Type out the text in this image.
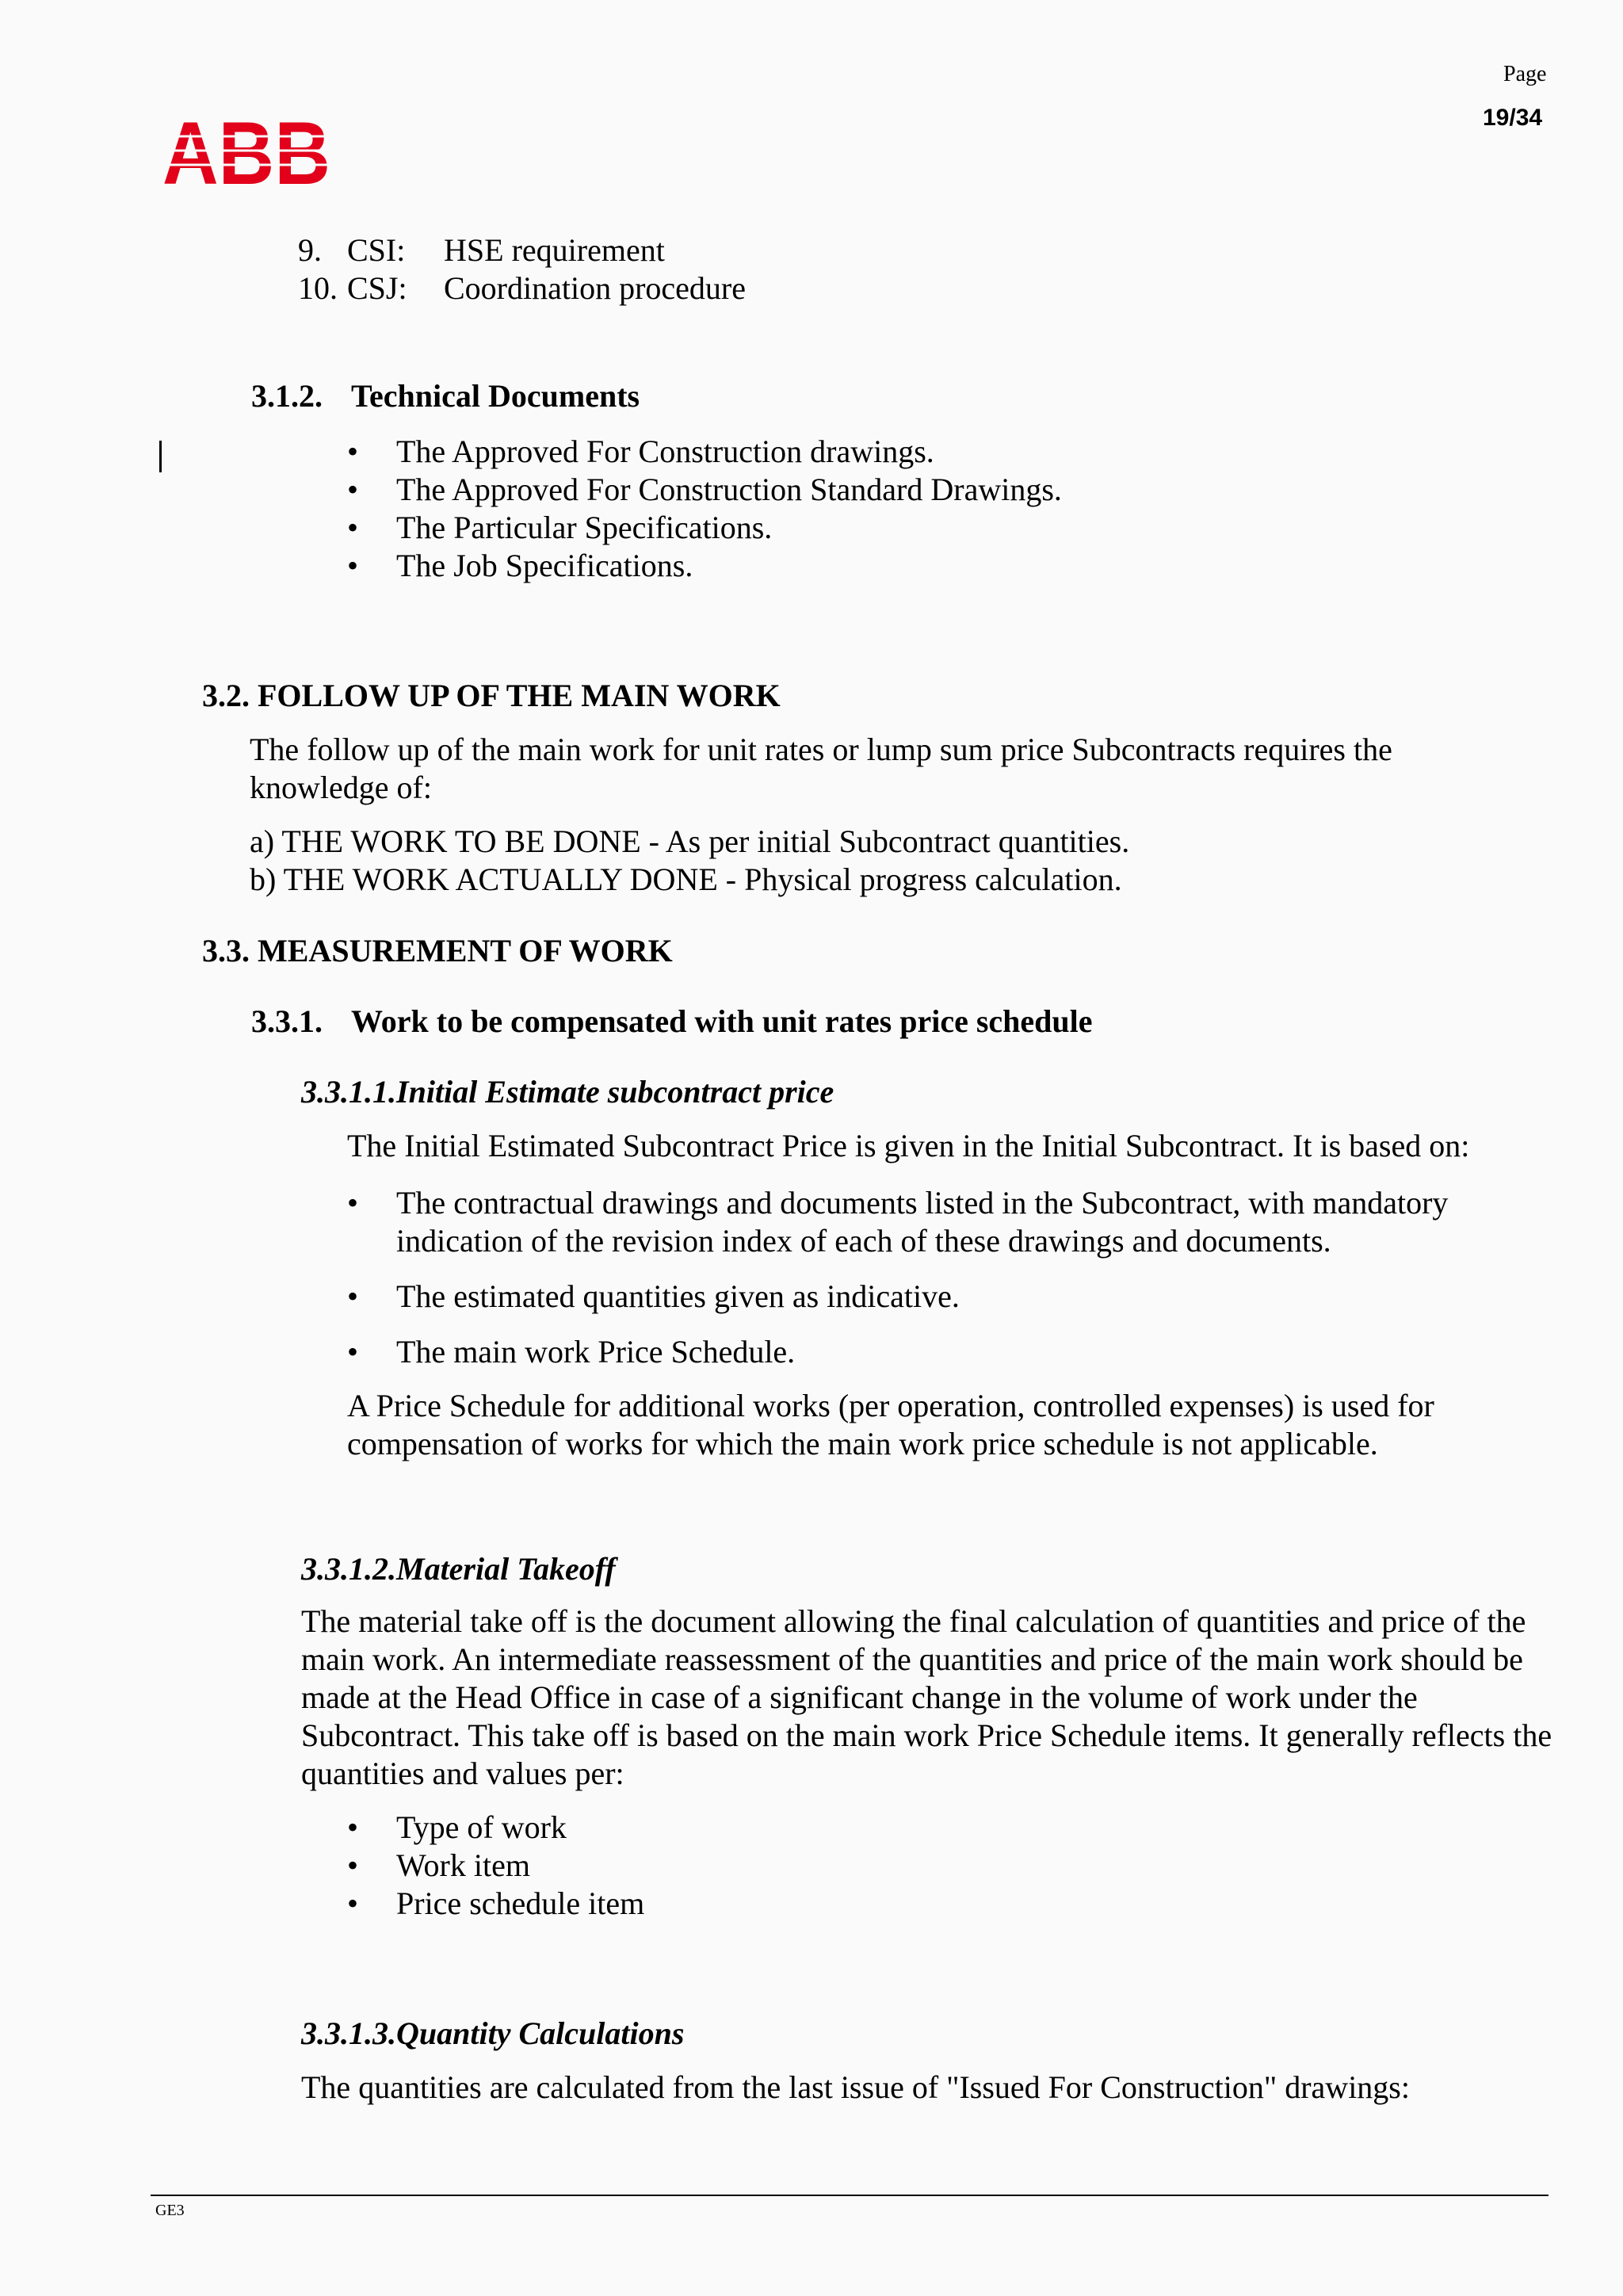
Page
19/34
ABB
9. CSI: HSE requirement
10. CSJ: Coordination procedure
3.1.2. Technical Documents
• The Approved For Construction drawings.
• The Approved For Construction Standard Drawings.
• The Particular Specifications.
• The Job Specifications.
3.2. FOLLOW UP OF THE MAIN WORK

The follow up of the main work for unit rates or lump sum price Subcontracts requires the knowledge of:

a) THE WORK TO BE DONE - As per initial Subcontract quantities.

b) THE WORK ACTUALLY DONE - Physical progress calculation.

3.3. MEASUREMENT OF WORK
3.3.1. Work to be compensated with unit rates price schedule
3.3.1.1.Initial Estimate subcontract price

The Initial Estimated Subcontract Price is given in the Initial Subcontract. It is based on:

• The contractual drawings and documents listed in the Subcontract, with mandatory indication of the revision index of each of these drawings and documents.
• The estimated quantities given as indicative.
• The main work Price Schedule.

A Price Schedule for additional works (per operation, controlled expenses) is used for compensation of works for which the main work price schedule is not applicable.

3.3.1.2.Material Takeoff

The material take off is the document allowing the final calculation of quantities and price of the main work. An intermediate reassessment of the quantities and price of the main work should be made at the Head Office in case of a significant change in the volume of work under the Subcontract. This take off is based on the main work Price Schedule items. It generally reflects the quantities and values per:

• Type of work
• Work item
• Price schedule item
3.3.1.3.Quantity Calculations

The quantities are calculated from the last issue of "Issued For Construction" drawings:

GE3
